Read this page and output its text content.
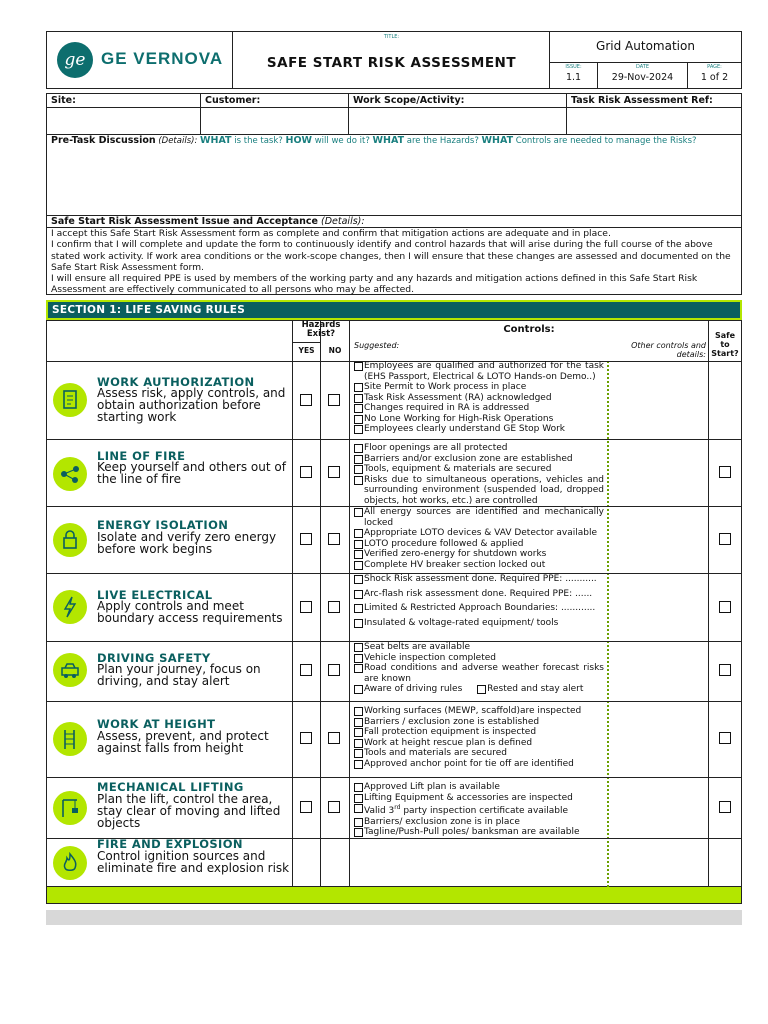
ge GE VERNOVA
TITLE:
SAFE START RISK ASSESSMENT
Grid Automation
ISSUE:
1.1
DATE
29-Nov-2024
PAGE:
1 of 2
Site:	Customer:	Work Scope/Activity:	Task Risk Assessment Ref:
Pre-Task Discussion (Details): WHAT is the task? HOW will we do it? WHAT are the Hazards? WHAT Controls are needed to manage the Risks?
Safe Start Risk Assessment Issue and Acceptance (Details):
I accept this Safe Start Risk Assessment form as complete and confirm that mitigation actions are adequate and in place.
I confirm that I will complete and update the form to continuously identify and control hazards that will arise during the full course of the above stated work activity. If work area conditions or the work-scope changes, then I will ensure that these changes are assessed and documented on the Safe Start Risk Assessment form.
I will ensure all required PPE is used by members of the working party and any hazards and mitigation actions defined in this Safe Start Risk Assessment are effectively communicated to all persons who may be affected.
SECTION 1: LIFE SAVING RULES
Hazards Exist?
YES	NO
Controls:
Suggested:	Other controls and details:
Safe to Start?
WORK AUTHORIZATION
Assess risk, apply controls, and obtain authorization before starting work
Employees are qualified and authorized for the task (EHS Passport, Electrical & LOTO Hands-on Demo..)
Site Permit to Work process in place
Task Risk Assessment (RA) acknowledged
Changes required in RA is addressed
No Lone Working for High-Risk Operations
Employees clearly understand GE Stop Work
LINE OF FIRE
Keep yourself and others out of the line of fire
Floor openings are all protected
Barriers and/or exclusion zone are established
Tools, equipment & materials are secured
Risks due to simultaneous operations, vehicles and surrounding environment (suspended load, dropped objects, hot works, etc.) are controlled
ENERGY ISOLATION
Isolate and verify zero energy before work begins
All energy sources are identified and mechanically locked
Appropriate LOTO devices & VAV Detector available
LOTO procedure followed & applied
Verified zero-energy for shutdown works
Complete HV breaker section locked out
LIVE ELECTRICAL
Apply controls and meet boundary access requirements
Shock Risk assessment done. Required PPE: ...........
Arc-flash risk assessment done. Required PPE: ......
Limited & Restricted Approach Boundaries: ............
Insulated & voltage-rated equipment/ tools
DRIVING SAFETY
Plan your journey, focus on driving, and stay alert
Seat belts are available
Vehicle inspection completed
Road conditions and adverse weather forecast risks are known
Aware of driving rules	Rested and stay alert
WORK AT HEIGHT
Assess, prevent, and protect against falls from height
Working surfaces (MEWP, scaffold)are inspected
Barriers / exclusion zone is established
Fall protection equipment is inspected
Work at height rescue plan is defined
Tools and materials are secured
Approved anchor point for tie off are identified
MECHANICAL LIFTING
Plan the lift, control the area, stay clear of moving and lifted objects
Approved Lift plan is available
Lifting Equipment & accessories are inspected
Valid 3rd party inspection certificate available
Barriers/ exclusion zone is in place
Tagline/Push-Pull poles/ banksman are available
FIRE AND EXPLOSION
Control ignition sources and eliminate fire and explosion risk
